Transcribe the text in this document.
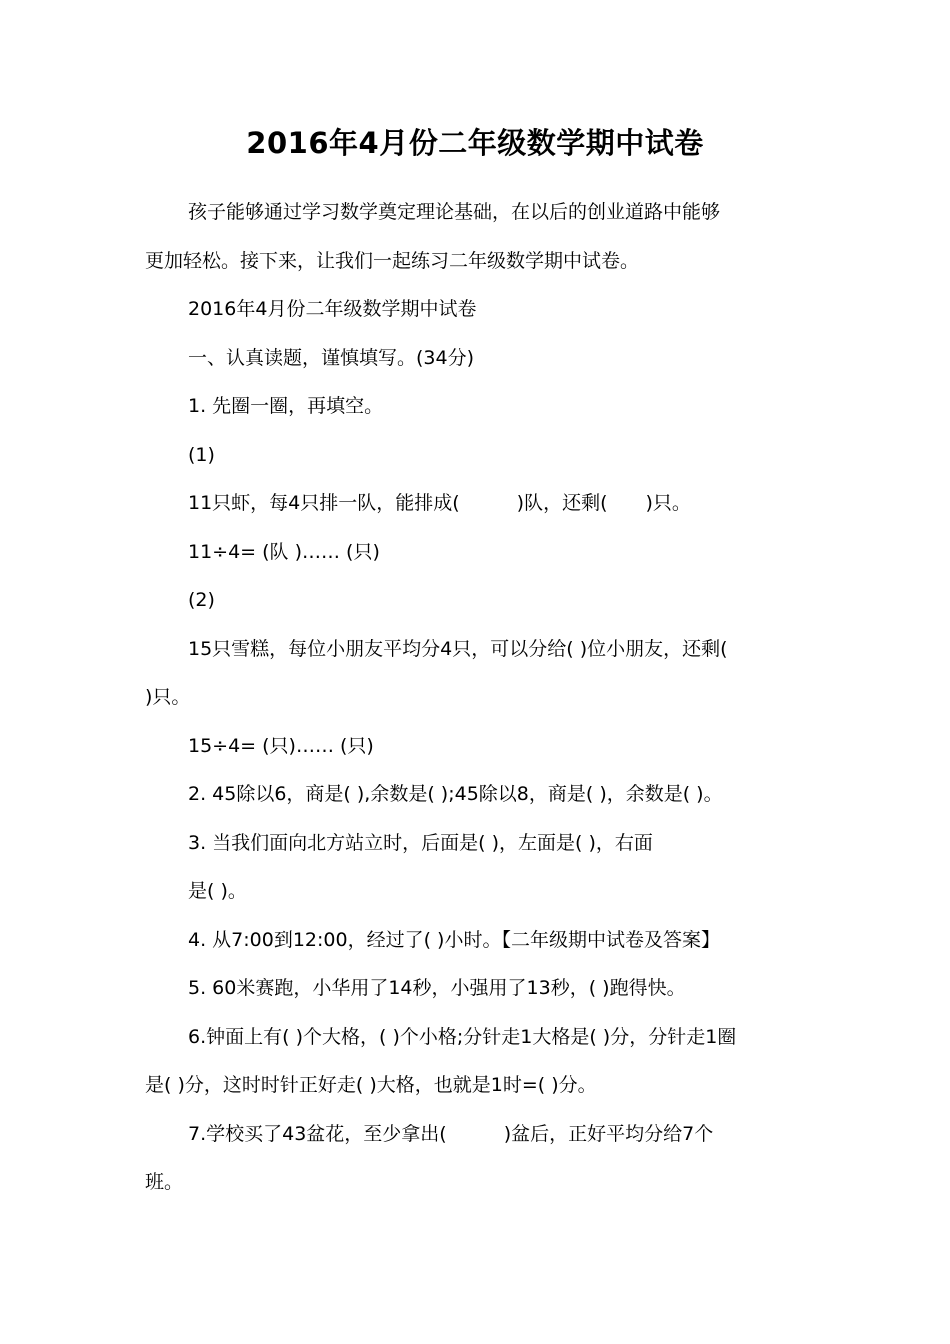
2016年4月份二年级数学期中试卷

孩子能够通过学习数学奠定理论基础，在以后的创业道路中能够

更加轻松。接下来，让我们一起练习二年级数学期中试卷。

2016年4月份二年级数学期中试卷

一、认真读题，谨慎填写。(34分)

1. 先圈一圈，再填空。

(1)

11只虾，每4只排一队，能排成(　　　)队，还剩(　　)只。

11÷4= (队 )…… (只)

(2)

15只雪糕，每位小朋友平均分4只，可以分给( )位小朋友，还剩(

)只。

15÷4= (只)…… (只)

2. 45除以6，商是( ),余数是( );45除以8，商是( )，余数是( )。

3. 当我们面向北方站立时，后面是( )，左面是( )，右面

是( )。

4. 从7:00到12:00，经过了( )小时。【二年级期中试卷及答案】

5. 60米赛跑，小华用了14秒，小强用了13秒，( )跑得快。

6.钟面上有( )个大格，( )个小格;分针走1大格是( )分，分针走1圈

是( )分，这时时针正好走( )大格，也就是1时=( )分。

7.学校买了43盆花，至少拿出(　　　)盆后，正好平均分给7个

班。
